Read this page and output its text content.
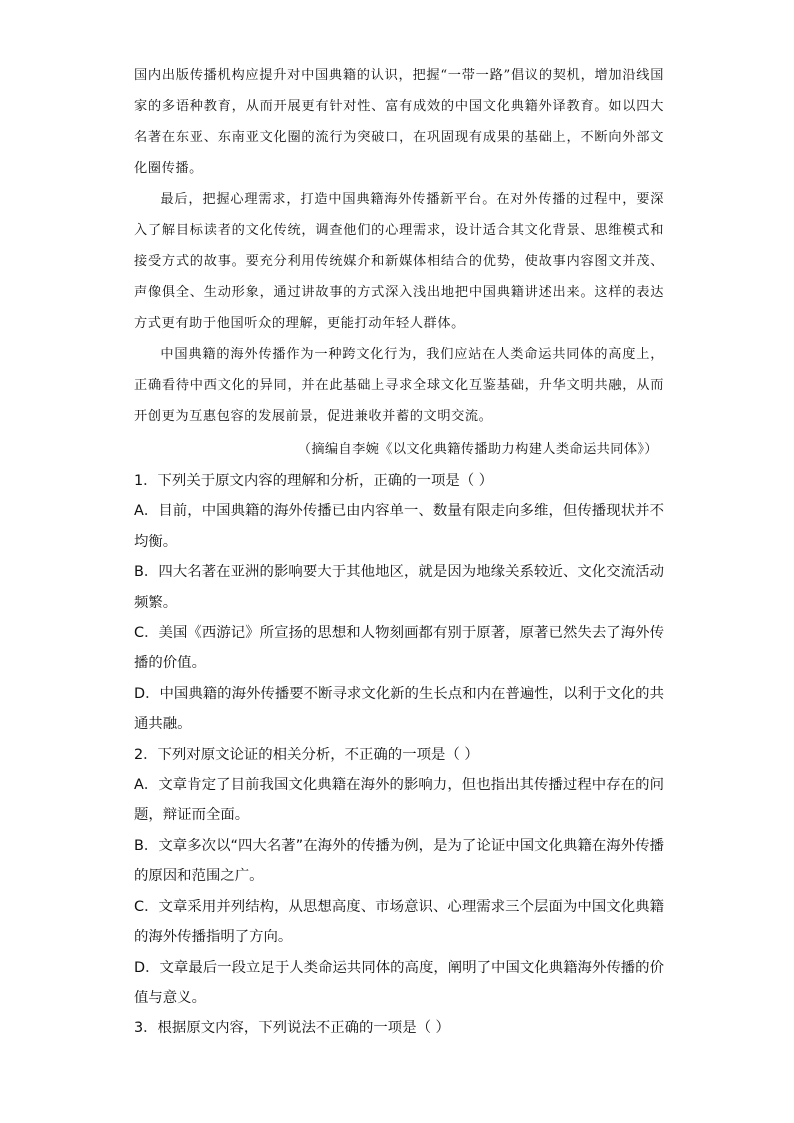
国内出版传播机构应提升对中国典籍的认识，把握“一带一路”倡议的契机，增加沿线国家的多语种教育，从而开展更有针对性、富有成效的中国文化典籍外译教育。如以四大名著在东亚、东南亚文化圈的流行为突破口，在巩固现有成果的基础上，不断向外部文化圈传播。

最后，把握心理需求，打造中国典籍海外传播新平台。在对外传播的过程中，要深入了解目标读者的文化传统，调查他们的心理需求，设计适合其文化背景、思维模式和接受方式的故事。要充分利用传统媒介和新媒体相结合的优势，使故事内容图文并茂、声像俱全、生动形象，通过讲故事的方式深入浅出地把中国典籍讲述出来。这样的表达方式更有助于他国听众的理解，更能打动年轻人群体。

中国典籍的海外传播作为一种跨文化行为，我们应站在人类命运共同体的高度上，正确看待中西文化的异同，并在此基础上寻求全球文化互鉴基础，升华文明共融，从而开创更为互惠包容的发展前景，促进兼收并蓄的文明交流。

（摘编自李婉《以文化典籍传播助力构建人类命运共同体》）

1．下列关于原文内容的理解和分析，正确的一项是（ ）

A．目前，中国典籍的海外传播已由内容单一、数量有限走向多维，但传播现状并不均衡。

B．四大名著在亚洲的影响要大于其他地区，就是因为地缘关系较近、文化交流活动频繁。

C．美国《西游记》所宣扬的思想和人物刻画都有别于原著，原著已然失去了海外传播的价值。

D．中国典籍的海外传播要不断寻求文化新的生长点和内在普遍性，以利于文化的共通共融。

2．下列对原文论证的相关分析，不正确的一项是（ ）

A．文章肯定了目前我国文化典籍在海外的影响力，但也指出其传播过程中存在的问题，辩证而全面。

B．文章多次以“四大名著”在海外的传播为例，是为了论证中国文化典籍在海外传播的原因和范围之广。

C．文章采用并列结构，从思想高度、市场意识、心理需求三个层面为中国文化典籍的海外传播指明了方向。

D．文章最后一段立足于人类命运共同体的高度，阐明了中国文化典籍海外传播的价值与意义。

3．根据原文内容，下列说法不正确的一项是（ ）
